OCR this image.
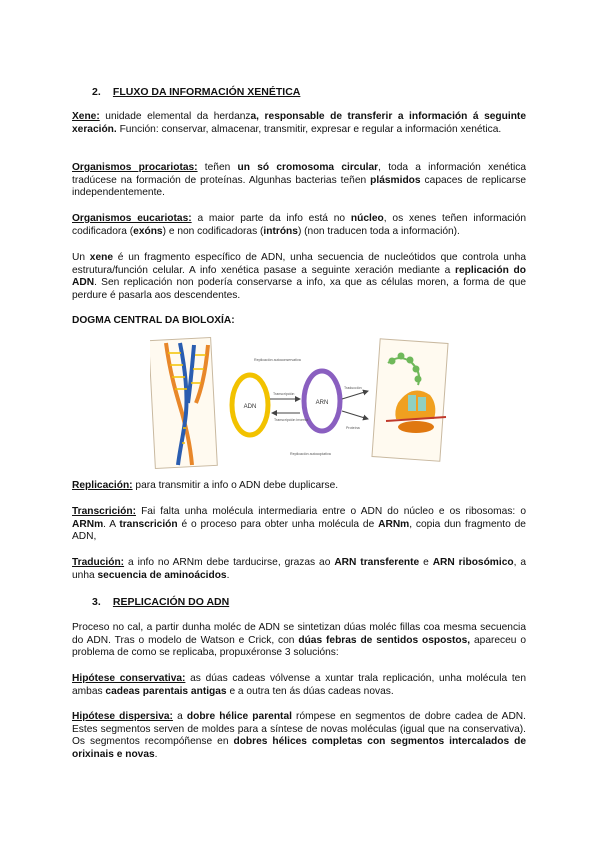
2. FLUXO DA INFORMACIÓN XENÉTICA

Xene: unidade elemental da herdanza, responsable de transferir a información á seguinte xeración. Función: conservar, almacenar, transmitir, expresar e regular a información xenética.

Organismos procariotas: teñen un só cromosoma circular, toda a información xenética tradúcese na formación de proteínas. Algunhas bacterias teñen plásmidos capaces de replicarse independentemente.

Organismos eucariotas: a maior parte da info está no núcleo, os xenes teñen información codificadora (exóns) e non codificadoras (intróns) (non traducen toda a información).

Un xene é un fragmento específico de ADN, unha secuencia de nucleótidos que controla unha estrutura/función celular. A info xenética pasase a seguinte xeración mediante a replicación do ADN. Sen replicación non podería conservarse a info, xa que as células moren, a forma de que perdure é pasarla aos descendentes.

DOGMA CENTRAL DA BIOLOXÍA:
ADN
Replicación autoconservativa
Transcripción
ARN
Replicación autocopiativa
Transcripción inversa
Traducción
Proteína

Replicación: para transmitir a info o ADN debe duplicarse.

Transcrición: Fai falta unha molécula intermediaria entre o ADN do núcleo e os ribosomas: o ARNm. A transcrición é o proceso para obter unha molécula de ARNm, copia dun fragmento de ADN,

Tradución: a info no ARNm debe tarducirse, grazas ao ARN transferente e ARN ribosómico, a unha secuencia de aminoácidos.

3. REPLICACIÓN DO ADN

Proceso no cal, a partir dunha moléc de ADN se sintetizan dúas moléc fillas coa mesma secuencia do ADN. Tras o modelo de Watson e Crick, con dúas febras de sentidos ospostos, apareceu o problema de como se replicaba, propuxéronse 3 solucións:

Hipótese conservativa: as dúas cadeas vólvense a xuntar trala replicación, unha molécula ten ambas cadeas parentais antigas e a outra ten ás dúas cadeas novas.

Hipótese dispersiva: a dobre hélice parental rómpese en segmentos de dobre cadea de ADN. Estes segmentos serven de moldes para a síntese de novas moléculas (igual que na conservativa). Os segmentos recompóñense en dobres hélices completas con segmentos intercalados de orixinais e novas.
